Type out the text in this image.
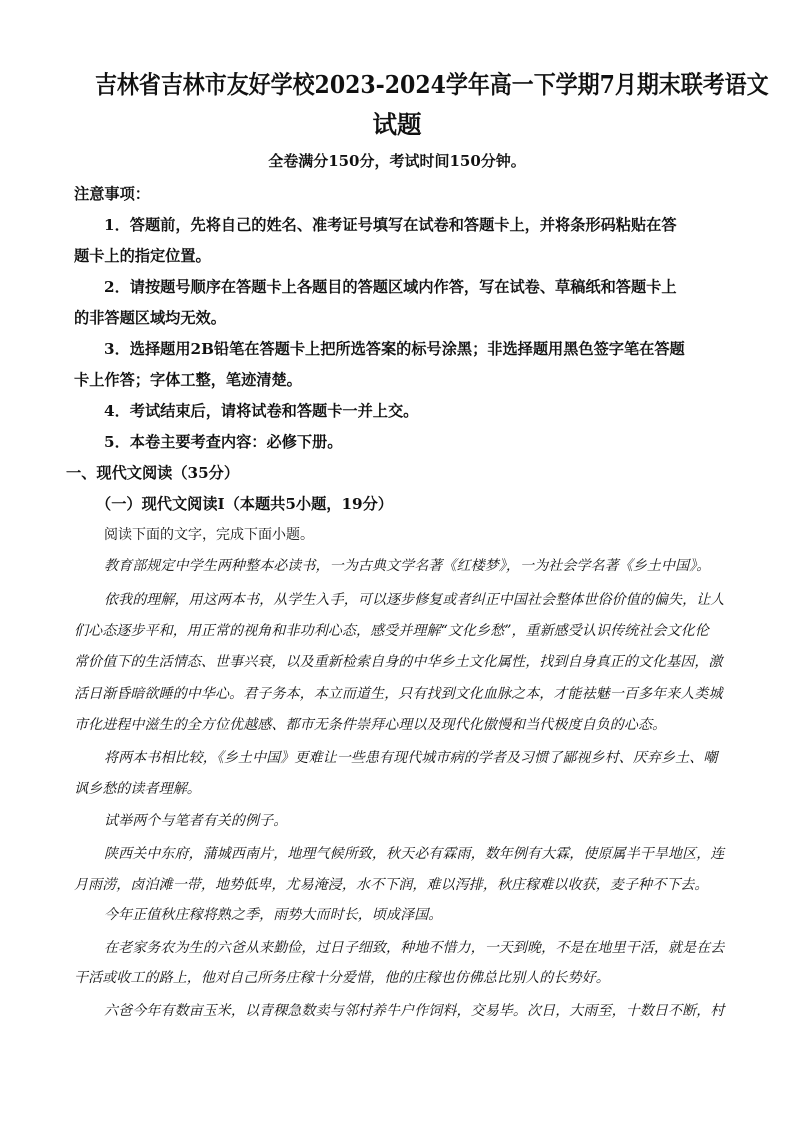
吉林省吉林市友好学校2023-2024学年高一下学期7月期末联考语文
试题
全卷满分150分，考试时间150分钟。
注意事项：
1．答题前，先将自己的姓名、准考证号填写在试卷和答题卡上，并将条形码粘贴在答
题卡上的指定位置。
2．请按题号顺序在答题卡上各题目的答题区域内作答，写在试卷、草稿纸和答题卡上
的非答题区域均无效。
3．选择题用2B铅笔在答题卡上把所选答案的标号涂黑；非选择题用黑色签字笔在答题
卡上作答；字体工整，笔迹清楚。
4．考试结束后，请将试卷和答题卡一并上交。
5．本卷主要考查内容：必修下册。
一、现代文阅读（35分）
（一）现代文阅读Ⅰ（本题共5小题，19分）
阅读下面的文字，完成下面小题。
教育部规定中学生两种整本必读书，一为古典文学名著《红楼梦》，一为社会学名著《乡土中国》。
依我的理解，用这两本书，从学生入手，可以逐步修复或者纠正中国社会整体世俗价值的偏失，让人
们心态逐步平和，用正常的视角和非功利心态，感受并理解“文化乡愁”，重新感受认识传统社会文化伦
常价值下的生活情态、世事兴衰，以及重新检索自身的中华乡土文化属性，找到自身真正的文化基因，激
活日渐昏暗欲睡的中华心。君子务本，本立而道生，只有找到文化血脉之本，才能祛魅一百多年来人类城
市化进程中滋生的全方位优越感、都市无条件崇拜心理以及现代化傲慢和当代极度自负的心态。
将两本书相比较，《乡土中国》更难让一些患有现代城市病的学者及习惯了鄙视乡村、厌弃乡土、嘲
讽乡愁的读者理解。
试举两个与笔者有关的例子。
陕西关中东府，蒲城西南片，地理气候所致，秋天必有霖雨，数年例有大霖，使原属半干旱地区，连
月雨涝，卤泊滩一带，地势低卑，尤易淹浸，水不下润，难以泻排，秋庄稼难以收获，麦子种不下去。
今年正值秋庄稼将熟之季，雨势大而时长，顷成泽国。
在老家务农为生的六爸从来勤俭，过日子细致，种地不惜力，一天到晚，不是在地里干活，就是在去
干活或收工的路上，他对自己所务庄稼十分爱惜，他的庄稼也仿佛总比别人的长势好。
六爸今年有数亩玉米，以青稞急数卖与邻村养牛户作饲料，交易毕。次日，大雨至，十数日不断，村
